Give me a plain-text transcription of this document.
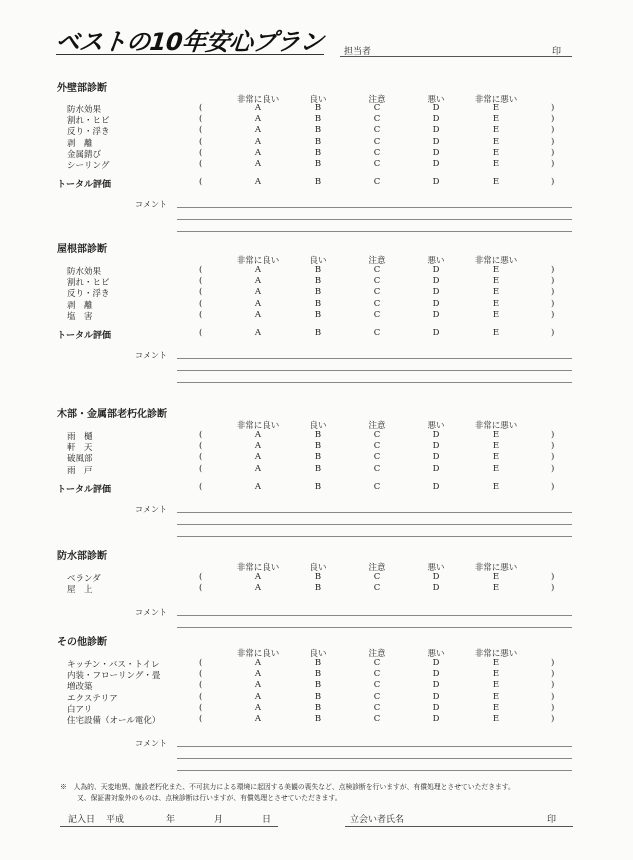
ベストの10年安心プラン 担当者	印
外壁部診断
非常に良い	良い	注意	悪い	非常に悪い
防水効果	(	A	B	C	D	E	)
割れ・ヒビ	(	A	B	C	D	E	)
反り・浮き	(	A	B	C	D	E	)
剥　離	(	A	B	C	D	E	)
金属錆び	(	A	B	C	D	E	)
シーリング	(	A	B	C	D	E	)
トータル評価	(	A	B	C	D	E	)
コメント
屋根部診断
非常に良い	良い	注意	悪い	非常に悪い
防水効果	(	A	B	C	D	E	)
割れ・ヒビ	(	A	B	C	D	E	)
反り・浮き	(	A	B	C	D	E	)
剥　離	(	A	B	C	D	E	)
塩　害	(	A	B	C	D	E	)
トータル評価	(	A	B	C	D	E	)
コメント
木部・金属部老朽化診断
非常に良い	良い	注意	悪い	非常に悪い
雨　樋	(	A	B	C	D	E	)
軒　天	(	A	B	C	D	E	)
破風部	(	A	B	C	D	E	)
雨　戸	(	A	B	C	D	E	)
トータル評価	(	A	B	C	D	E	)
コメント
防水部診断
非常に良い	良い	注意	悪い	非常に悪い
ベランダ	(	A	B	C	D	E	)
屋　上	(	A	B	C	D	E	)
コメント
その他診断
非常に良い	良い	注意	悪い	非常に悪い
キッチン・バス・トイレ	(	A	B	C	D	E	)
内装・フローリング・畳	(	A	B	C	D	E	)
増改築	(	A	B	C	D	E	)
エクステリア	(	A	B	C	D	E	)
白アリ	(	A	B	C	D	E	)
住宅設備（オール電化）	(	A	B	C	D	E	)
コメント
※　人為的、天変地異、施設老朽化また、不可抗力による環境に起因する美観の喪失など、点検診断を行いますが、有償処理とさせていただきます。
又、保証書対象外のものは、点検診断は行いますが、有償処理とさせていただきます。
記入日 平成	年	月	日	立会い者氏名	印
